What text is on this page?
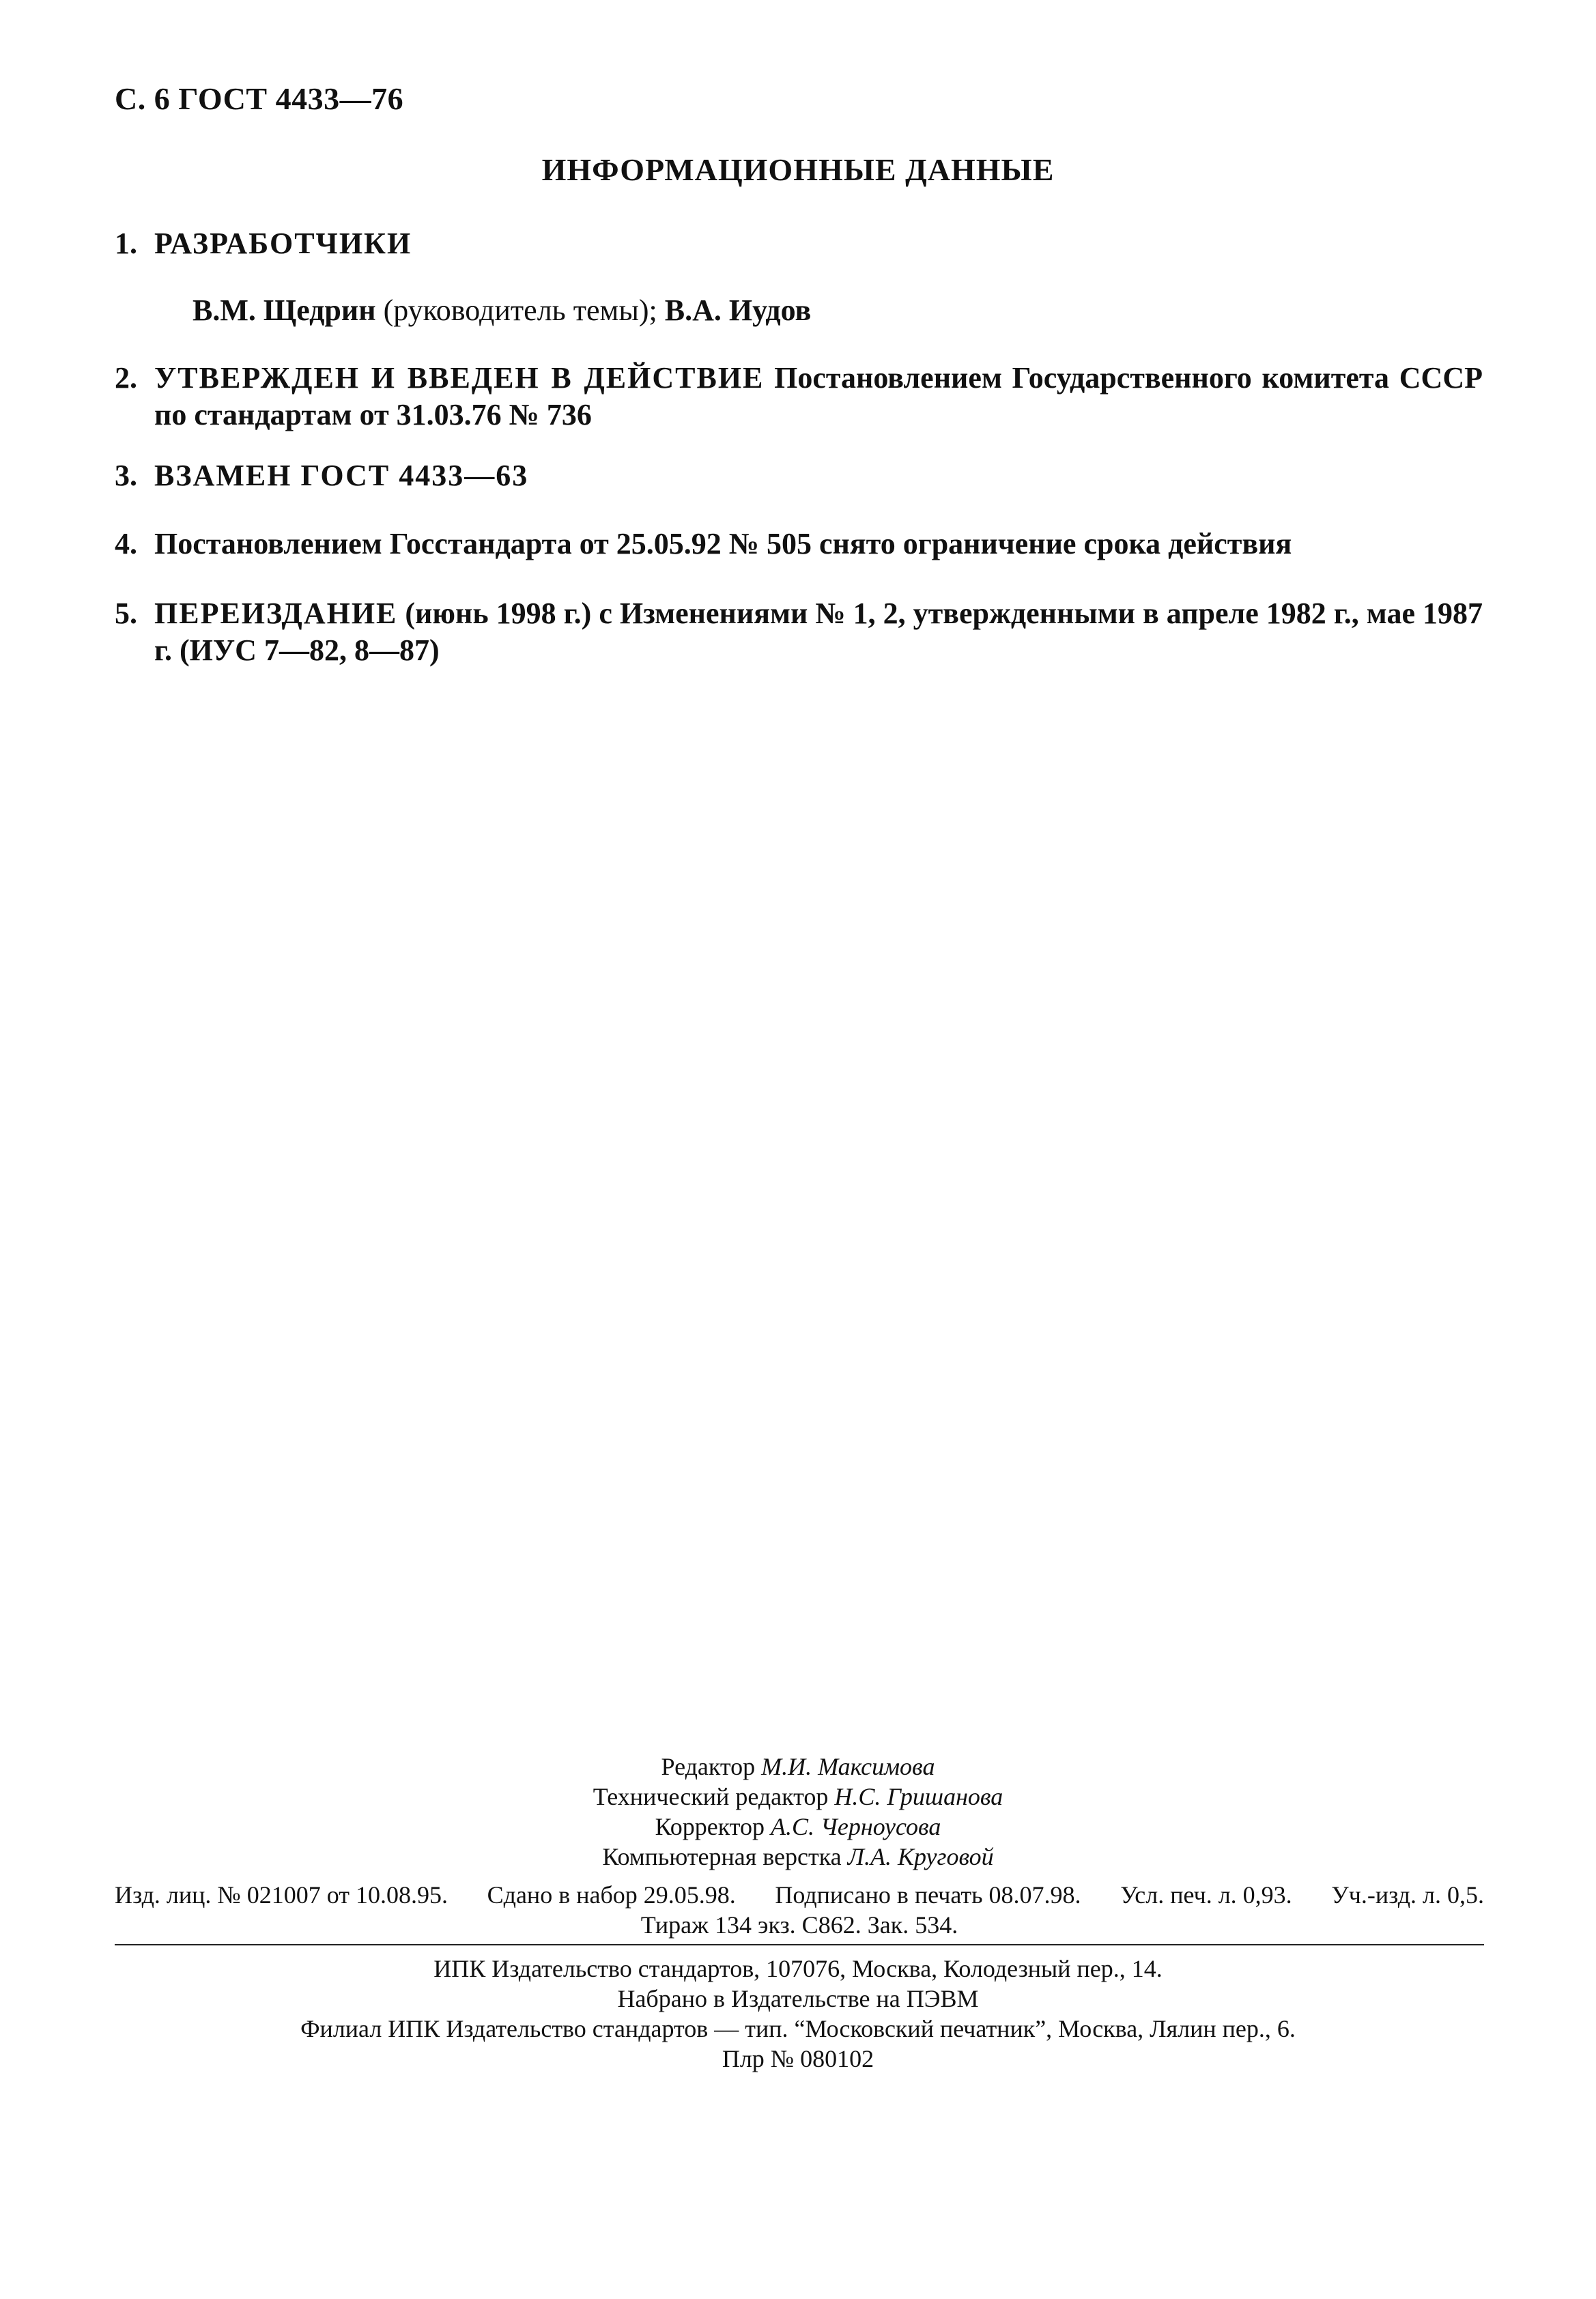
С. 6 ГОСТ 4433—76
ИНФОРМАЦИОННЫЕ ДАННЫЕ
1. РАЗРАБОТЧИКИ
В.М. Щедрин (руководитель темы); В.А. Иудов
2. УТВЕРЖДЕН И ВВЕДЕН В ДЕЙСТВИЕ Постановлением Государственного комитета СССР по стандартам от 31.03.76 № 736
3. ВЗАМЕН ГОСТ 4433—63
4. Постановлением Госстандарта от 25.05.92 № 505 снято ограничение срока действия
5. ПЕРЕИЗДАНИЕ (июнь 1998 г.) с Изменениями № 1, 2, утвержденными в апреле 1982 г., мае 1987 г. (ИУС 7—82, 8—87)
Редактор М.И. Максимова
Технический редактор Н.С. Гришанова
Корректор А.С. Черноусова
Компьютерная верстка Л.А. Круговой
Изд. лиц. № 021007 от 10.08.95. Сдано в набор 29.05.98. Подписано в печать 08.07.98. Усл. печ. л. 0,93. Уч.-изд. л. 0,5.
Тираж 134 экз. С862. Зак. 534.
ИПК Издательство стандартов, 107076, Москва, Колодезный пер., 14.
Набрано в Издательстве на ПЭВМ
Филиал ИПК Издательство стандартов — тип. “Московский печатник”, Москва, Лялин пер., 6.
Плр № 080102
